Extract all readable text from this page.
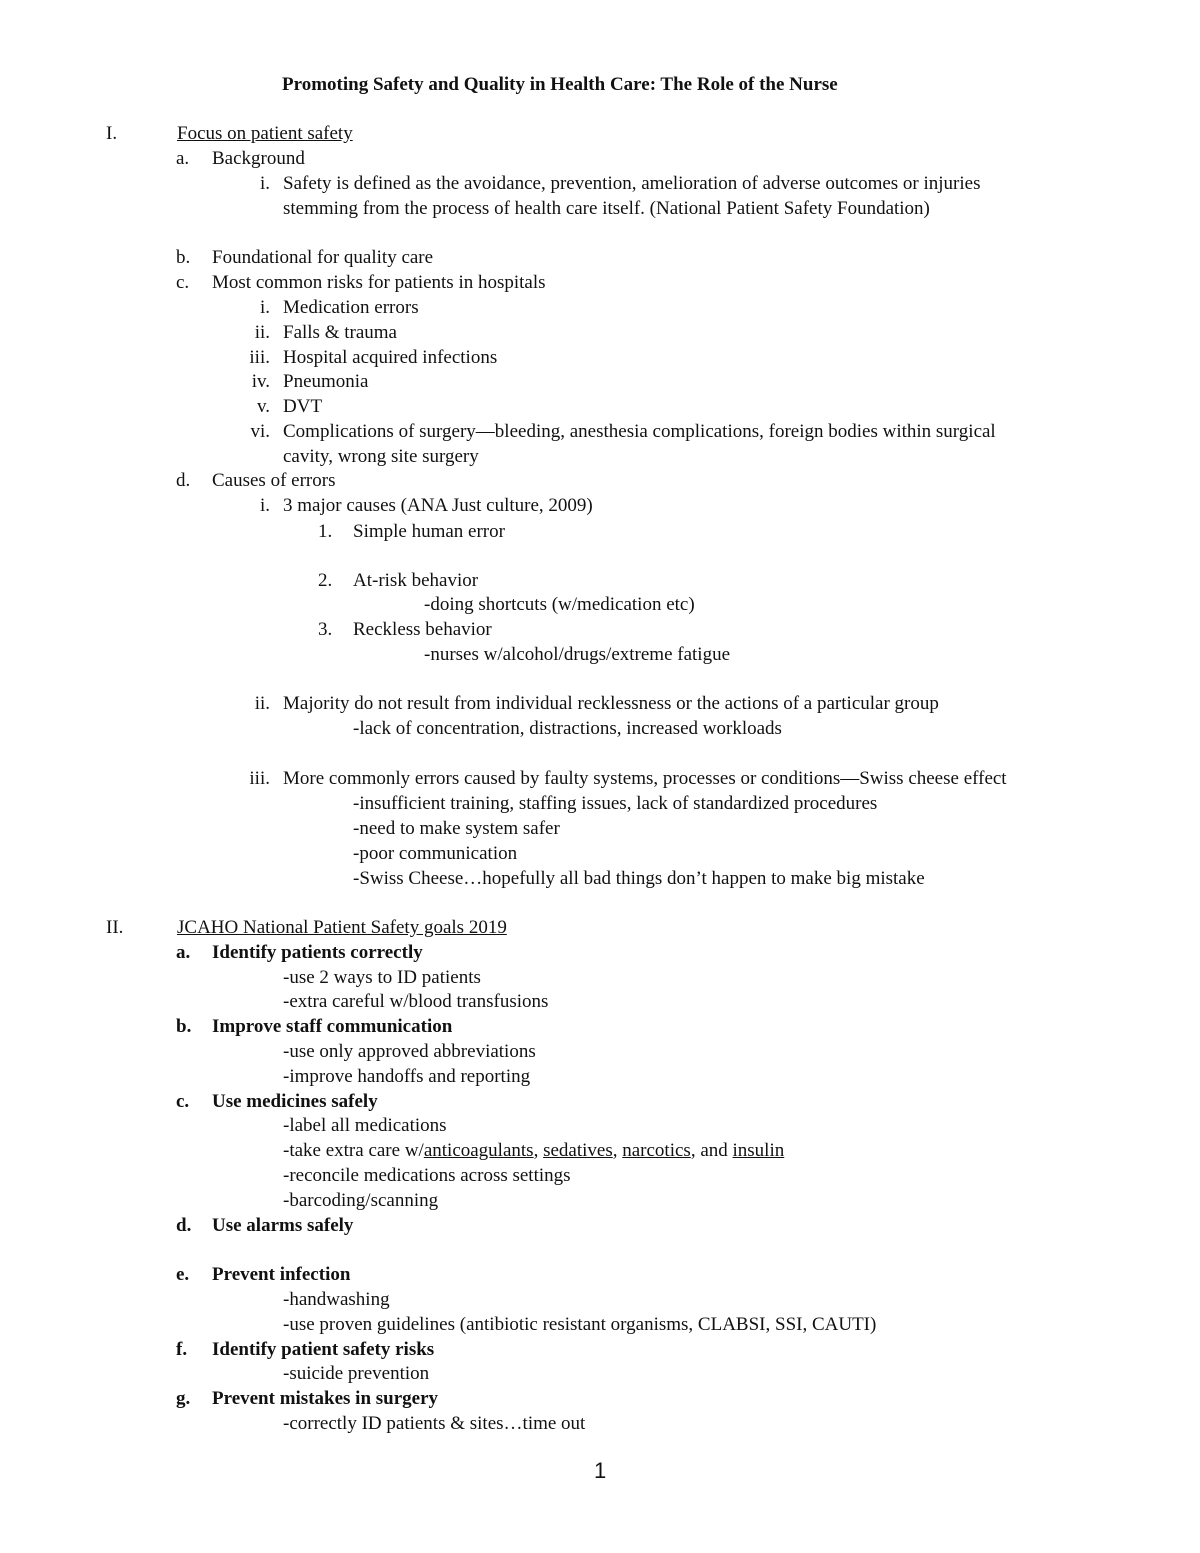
Promoting Safety and Quality in Health Care: The Role of the Nurse
I.	Focus on patient safety
a. Background
i. Safety is defined as the avoidance, prevention, amelioration of adverse outcomes or injuries
stemming from the process of health care itself. (National Patient Safety Foundation)
b. Foundational for quality care
c. Most common risks for patients in hospitals
i. Medication errors
ii. Falls & trauma
iii. Hospital acquired infections
iv. Pneumonia
v. DVT
vi. Complications of surgery—bleeding, anesthesia complications, foreign bodies within surgical
cavity, wrong site surgery
d. Causes of errors
i. 3 major causes (ANA Just culture, 2009)
1. Simple human error
2. At-risk behavior
-doing shortcuts (w/medication etc)
3. Reckless behavior
-nurses w/alcohol/drugs/extreme fatigue
ii. Majority do not result from individual recklessness or the actions of a particular group
-lack of concentration, distractions, increased workloads
iii. More commonly errors caused by faulty systems, processes or conditions—Swiss cheese effect
-insufficient training, staffing issues, lack of standardized procedures
-need to make system safer
-poor communication
-Swiss Cheese…hopefully all bad things don’t happen to make big mistake
II.	JCAHO National Patient Safety goals 2019
a. Identify patients correctly
-use 2 ways to ID patients
-extra careful w/blood transfusions
b. Improve staff communication
-use only approved abbreviations
-improve handoffs and reporting
c. Use medicines safely
-label all medications
-take extra care w/anticoagulants, sedatives, narcotics, and insulin
-reconcile medications across settings
-barcoding/scanning
d. Use alarms safely
e. Prevent infection
-handwashing
-use proven guidelines (antibiotic resistant organisms, CLABSI, SSI, CAUTI)
f. Identify patient safety risks
-suicide prevention
g. Prevent mistakes in surgery
-correctly ID patients & sites…time out
1
